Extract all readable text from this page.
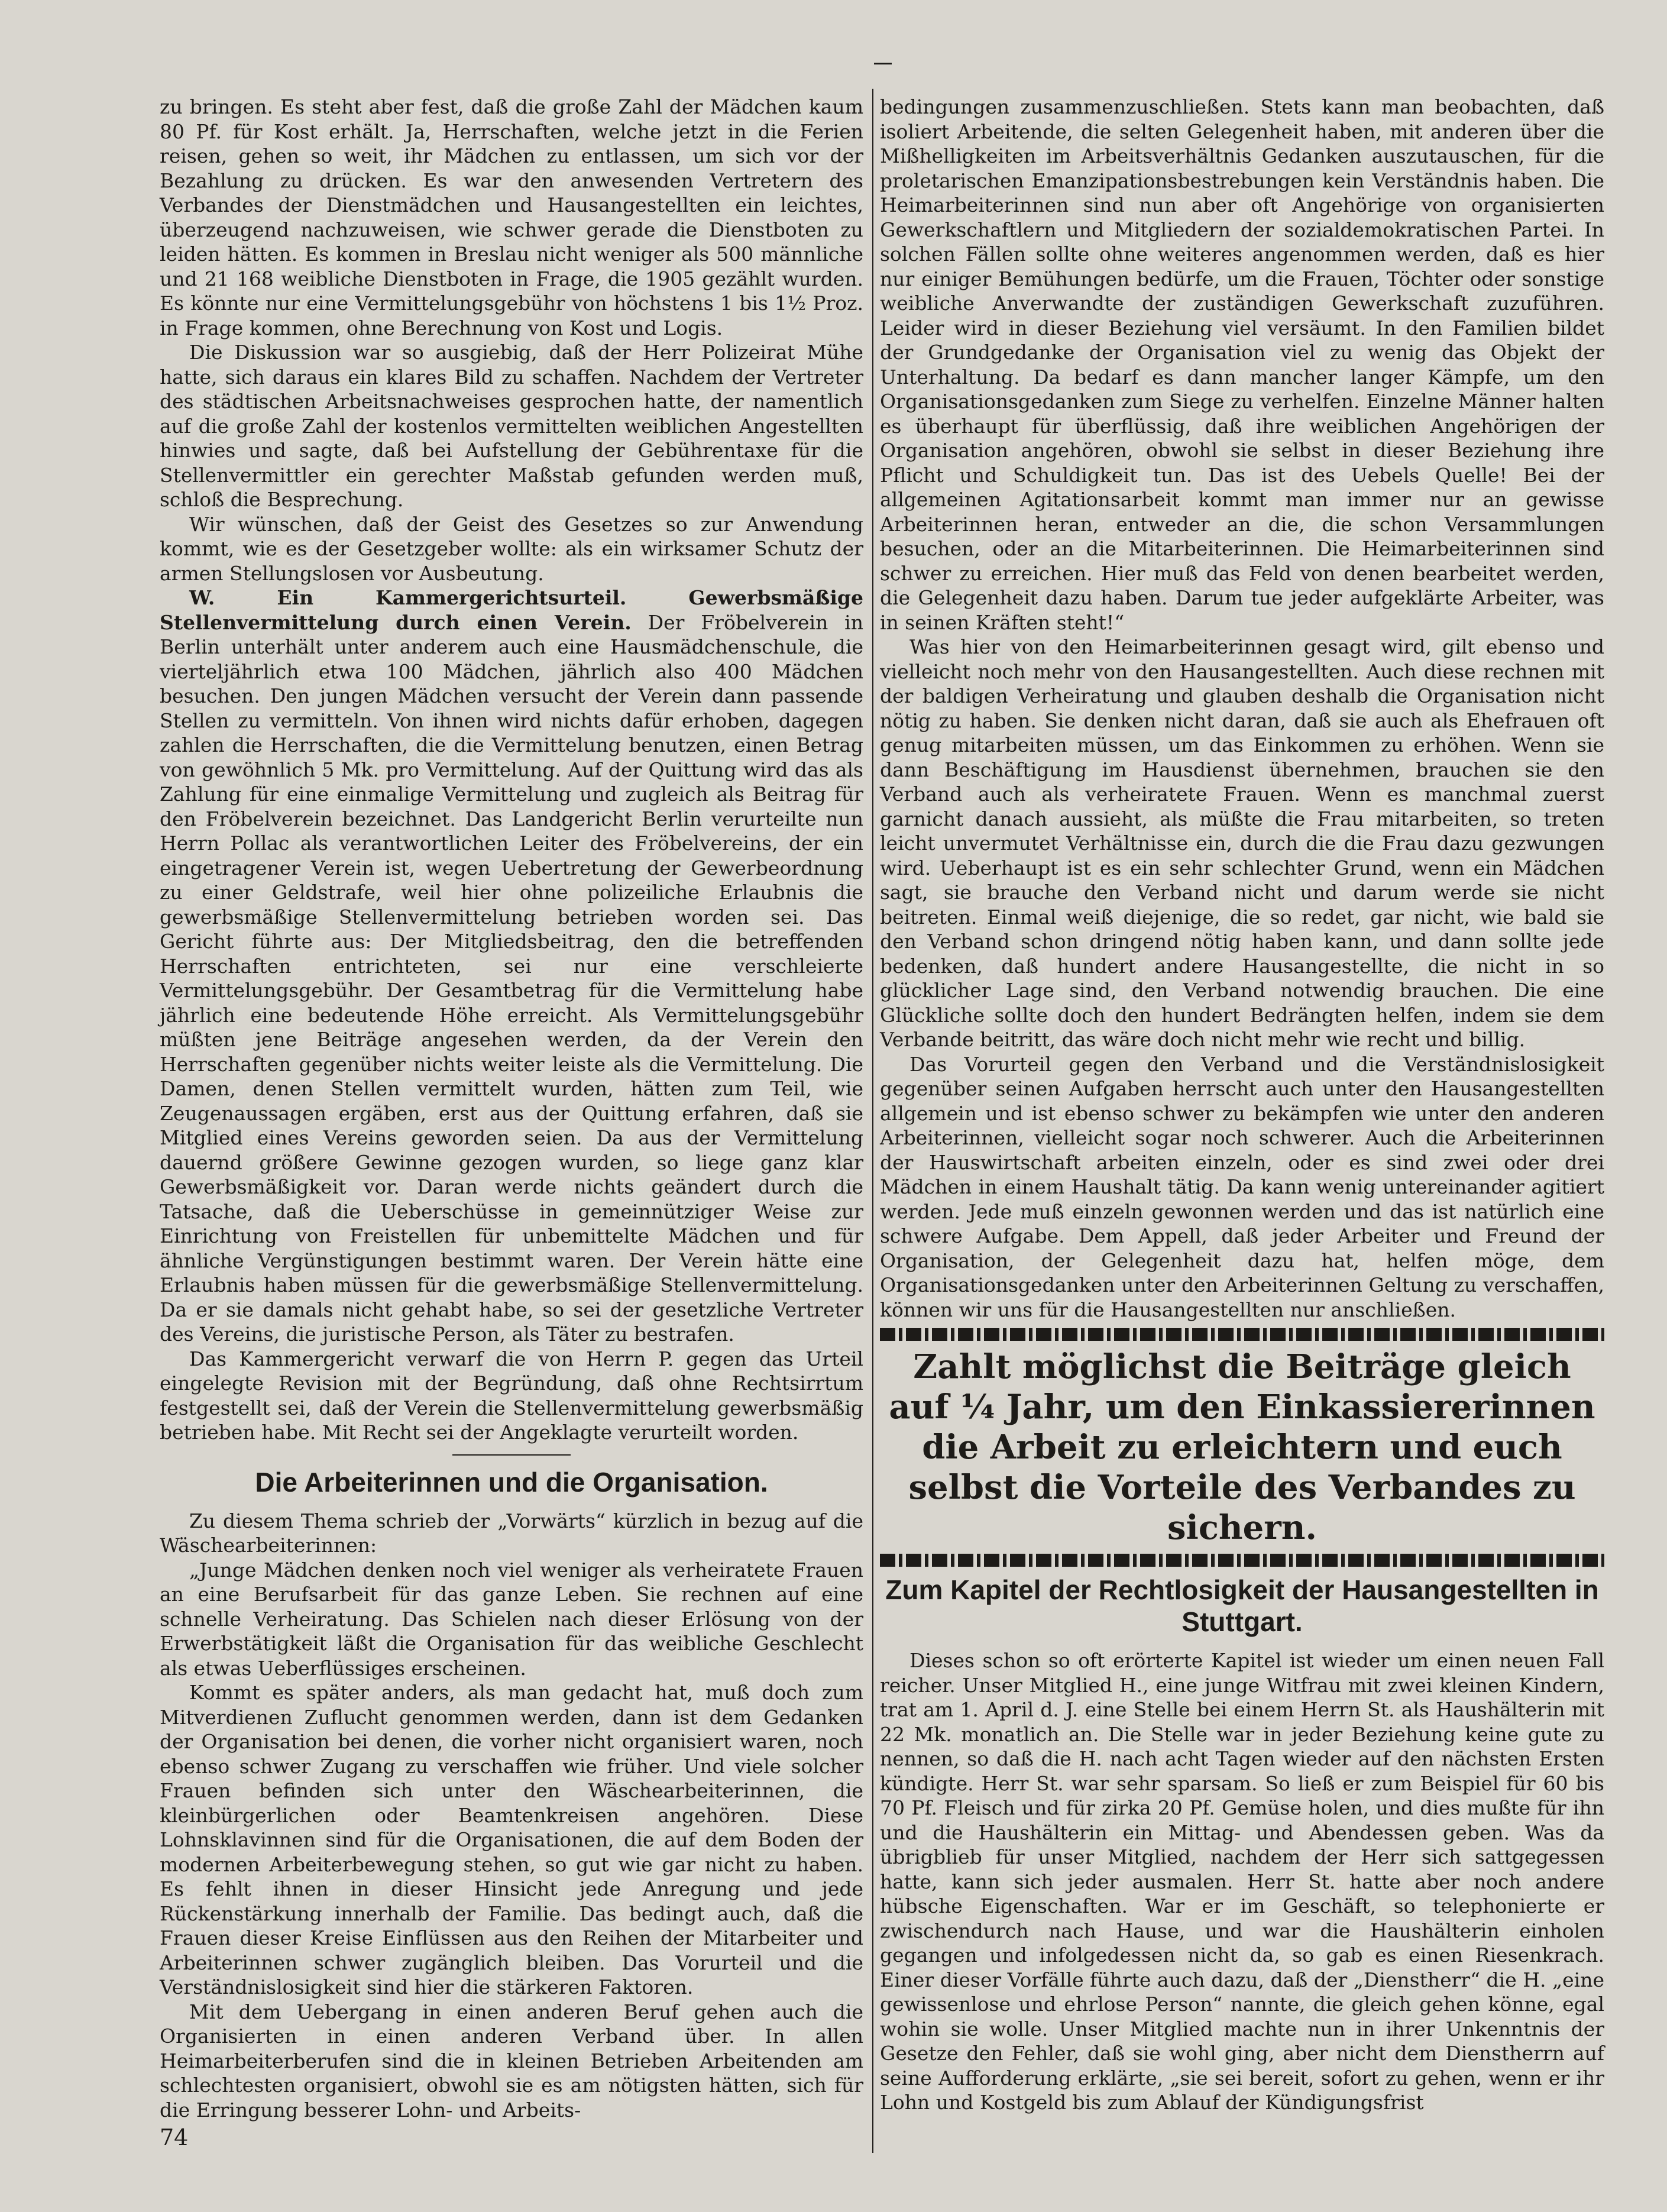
zu bringen. Es steht aber fest, daß die große Zahl der Mädchen kaum 80 Pf. für Kost erhält. Ja, Herrschaften, welche jetzt in die Ferien reisen, gehen so weit, ihr Mädchen zu entlassen, um sich vor der Bezahlung zu drücken. Es war den anwesenden Vertretern des Verbandes der Dienstmädchen und Hausangestellten ein leichtes, überzeugend nachzuweisen, wie schwer gerade die Dienstboten zu leiden hätten. Es kommen in Breslau nicht weniger als 500 männliche und 21 168 weibliche Dienstboten in Frage, die 1905 gezählt wurden. Es könnte nur eine Vermittelungsgebühr von höchstens 1 bis 1½ Proz. in Frage kommen, ohne Berechnung von Kost und Logis.

Die Diskussion war so ausgiebig, daß der Herr Polizeirat Mühe hatte, sich daraus ein klares Bild zu schaffen. Nachdem der Vertreter des städtischen Arbeitsnachweises gesprochen hatte, der namentlich auf die große Zahl der kostenlos vermittelten weiblichen Angestellten hinwies und sagte, daß bei Aufstellung der Gebührentaxe für die Stellenvermittler ein gerechter Maßstab gefunden werden muß, schloß die Besprechung.

Wir wünschen, daß der Geist des Gesetzes so zur Anwendung kommt, wie es der Gesetzgeber wollte: als ein wirksamer Schutz der armen Stellungslosen vor Ausbeutung.

W. Ein Kammergerichtsurteil. Gewerbsmäßige Stellenvermittelung durch einen Verein. Der Fröbelverein in Berlin unterhält unter anderem auch eine Hausmädchenschule, die vierteljährlich etwa 100 Mädchen, jährlich also 400 Mädchen besuchen. Den jungen Mädchen versucht der Verein dann passende Stellen zu vermitteln. Von ihnen wird nichts dafür erhoben, dagegen zahlen die Herrschaften, die die Vermittelung benutzen, einen Betrag von gewöhnlich 5 Mk. pro Vermittelung. Auf der Quittung wird das als Zahlung für eine einmalige Vermittelung und zugleich als Beitrag für den Fröbelverein bezeichnet. Das Landgericht Berlin verurteilte nun Herrn Pollac als verantwortlichen Leiter des Fröbelvereins, der ein eingetragener Verein ist, wegen Uebertretung der Gewerbeordnung zu einer Geldstrafe, weil hier ohne polizeiliche Erlaubnis die gewerbsmäßige Stellenvermittelung betrieben worden sei. Das Gericht führte aus: Der Mitgliedsbeitrag, den die betreffenden Herrschaften entrichteten, sei nur eine verschleierte Vermittelungsgebühr. Der Gesamtbetrag für die Vermittelung habe jährlich eine bedeutende Höhe erreicht. Als Vermittelungsgebühr müßten jene Beiträge angesehen werden, da der Verein den Herrschaften gegenüber nichts weiter leiste als die Vermittelung. Die Damen, denen Stellen vermittelt wurden, hätten zum Teil, wie Zeugenaussagen ergäben, erst aus der Quittung erfahren, daß sie Mitglied eines Vereins geworden seien. Da aus der Vermittelung dauernd größere Gewinne gezogen wurden, so liege ganz klar Gewerbsmäßigkeit vor. Daran werde nichts geändert durch die Tatsache, daß die Ueberschüsse in gemeinnütziger Weise zur Einrichtung von Freistellen für unbemittelte Mädchen und für ähnliche Vergünstigungen bestimmt waren. Der Verein hätte eine Erlaubnis haben müssen für die gewerbsmäßige Stellenvermittelung. Da er sie damals nicht gehabt habe, so sei der gesetzliche Vertreter des Vereins, die juristische Person, als Täter zu bestrafen.

Das Kammergericht verwarf die von Herrn P. gegen das Urteil eingelegte Revision mit der Begründung, daß ohne Rechtsirrtum festgestellt sei, daß der Verein die Stellenvermittelung gewerbsmäßig betrieben habe. Mit Recht sei der Angeklagte verurteilt worden.

Die Arbeiterinnen und die Organisation.

Zu diesem Thema schrieb der „Vorwärts“ kürzlich in bezug auf die Wäschearbeiterinnen:

„Junge Mädchen denken noch viel weniger als verheiratete Frauen an eine Berufsarbeit für das ganze Leben. Sie rechnen auf eine schnelle Verheiratung. Das Schielen nach dieser Erlösung von der Erwerbstätigkeit läßt die Organisation für das weibliche Geschlecht als etwas Ueberflüssiges erscheinen.

Kommt es später anders, als man gedacht hat, muß doch zum Mitverdienen Zuflucht genommen werden, dann ist dem Gedanken der Organisation bei denen, die vorher nicht organisiert waren, noch ebenso schwer Zugang zu verschaffen wie früher. Und viele solcher Frauen befinden sich unter den Wäschearbeiterinnen, die kleinbürgerlichen oder Beamtenkreisen angehören. Diese Lohnsklavinnen sind für die Organisationen, die auf dem Boden der modernen Arbeiterbewegung stehen, so gut wie gar nicht zu haben. Es fehlt ihnen in dieser Hinsicht jede Anregung und jede Rückenstärkung innerhalb der Familie. Das bedingt auch, daß die Frauen dieser Kreise Einflüssen aus den Reihen der Mitarbeiter und Arbeiterinnen schwer zugänglich bleiben. Das Vorurteil und die Verständnislosigkeit sind hier die stärkeren Faktoren.

Mit dem Uebergang in einen anderen Beruf gehen auch die Organisierten in einen anderen Verband über. In allen Heimarbeiterberufen sind die in kleinen Betrieben Arbeitenden am schlechtesten organisiert, obwohl sie es am nötigsten hätten, sich für die Erringung besserer Lohn- und Arbeits-

bedingungen zusammenzuschließen. Stets kann man beobachten, daß isoliert Arbeitende, die selten Gelegenheit haben, mit anderen über die Mißhelligkeiten im Arbeitsverhältnis Gedanken auszutauschen, für die proletarischen Emanzipationsbestrebungen kein Verständnis haben. Die Heimarbeiterinnen sind nun aber oft Angehörige von organisierten Gewerkschaftlern und Mitgliedern der sozialdemokratischen Partei. In solchen Fällen sollte ohne weiteres angenommen werden, daß es hier nur einiger Bemühungen bedürfe, um die Frauen, Töchter oder sonstige weibliche Anverwandte der zuständigen Gewerkschaft zuzuführen. Leider wird in dieser Beziehung viel versäumt. In den Familien bildet der Grundgedanke der Organisation viel zu wenig das Objekt der Unterhaltung. Da bedarf es dann mancher langer Kämpfe, um den Organisationsgedanken zum Siege zu verhelfen. Einzelne Männer halten es überhaupt für überflüssig, daß ihre weiblichen Angehörigen der Organisation angehören, obwohl sie selbst in dieser Beziehung ihre Pflicht und Schuldigkeit tun. Das ist des Uebels Quelle! Bei der allgemeinen Agitationsarbeit kommt man immer nur an gewisse Arbeiterinnen heran, entweder an die, die schon Versammlungen besuchen, oder an die Mitarbeiterinnen. Die Heimarbeiterinnen sind schwer zu erreichen. Hier muß das Feld von denen bearbeitet werden, die Gelegenheit dazu haben. Darum tue jeder aufgeklärte Arbeiter, was in seinen Kräften steht!“

Was hier von den Heimarbeiterinnen gesagt wird, gilt ebenso und vielleicht noch mehr von den Hausangestellten. Auch diese rechnen mit der baldigen Verheiratung und glauben deshalb die Organisation nicht nötig zu haben. Sie denken nicht daran, daß sie auch als Ehefrauen oft genug mitarbeiten müssen, um das Einkommen zu erhöhen. Wenn sie dann Beschäftigung im Hausdienst übernehmen, brauchen sie den Verband auch als verheiratete Frauen. Wenn es manchmal zuerst garnicht danach aussieht, als müßte die Frau mitarbeiten, so treten leicht unvermutet Verhältnisse ein, durch die die Frau dazu gezwungen wird. Ueberhaupt ist es ein sehr schlechter Grund, wenn ein Mädchen sagt, sie brauche den Verband nicht und darum werde sie nicht beitreten. Einmal weiß diejenige, die so redet, gar nicht, wie bald sie den Verband schon dringend nötig haben kann, und dann sollte jede bedenken, daß hundert andere Hausangestellte, die nicht in so glücklicher Lage sind, den Verband notwendig brauchen. Die eine Glückliche sollte doch den hundert Bedrängten helfen, indem sie dem Verbande beitritt, das wäre doch nicht mehr wie recht und billig.

Das Vorurteil gegen den Verband und die Verständnislosigkeit gegenüber seinen Aufgaben herrscht auch unter den Hausangestellten allgemein und ist ebenso schwer zu bekämpfen wie unter den anderen Arbeiterinnen, vielleicht sogar noch schwerer. Auch die Arbeiterinnen der Hauswirtschaft arbeiten einzeln, oder es sind zwei oder drei Mädchen in einem Haushalt tätig. Da kann wenig untereinander agitiert werden. Jede muß einzeln gewonnen werden und das ist natürlich eine schwere Aufgabe. Dem Appell, daß jeder Arbeiter und Freund der Organisation, der Gelegenheit dazu hat, helfen möge, dem Organisationsgedanken unter den Arbeiterinnen Geltung zu verschaffen, können wir uns für die Hausangestellten nur anschließen.

Zahlt möglichst die Beiträge gleich auf ¼ Jahr, um den Einkassiererinnen die Arbeit zu erleichtern und euch selbst die Vorteile des Verbandes zu sichern.
Zum Kapitel der Rechtlosigkeit der Hausangestellten in Stuttgart.

Dieses schon so oft erörterte Kapitel ist wieder um einen neuen Fall reicher. Unser Mitglied H., eine junge Witfrau mit zwei kleinen Kindern, trat am 1. April d. J. eine Stelle bei einem Herrn St. als Haushälterin mit 22 Mk. monatlich an. Die Stelle war in jeder Beziehung keine gute zu nennen, so daß die H. nach acht Tagen wieder auf den nächsten Ersten kündigte. Herr St. war sehr sparsam. So ließ er zum Beispiel für 60 bis 70 Pf. Fleisch und für zirka 20 Pf. Gemüse holen, und dies mußte für ihn und die Haushälterin ein Mittag- und Abendessen geben. Was da übrigblieb für unser Mitglied, nachdem der Herr sich sattgegessen hatte, kann sich jeder ausmalen. Herr St. hatte aber noch andere hübsche Eigenschaften. War er im Geschäft, so telephonierte er zwischendurch nach Hause, und war die Haushälterin einholen gegangen und infolgedessen nicht da, so gab es einen Riesenkrach. Einer dieser Vorfälle führte auch dazu, daß der „Dienstherr“ die H. „eine gewissenlose und ehrlose Person“ nannte, die gleich gehen könne, egal wohin sie wolle. Unser Mitglied machte nun in ihrer Unkenntnis der Gesetze den Fehler, daß sie wohl ging, aber nicht dem Dienstherrn auf seine Aufforderung erklärte, „sie sei bereit, sofort zu gehen, wenn er ihr Lohn und Kostgeld bis zum Ablauf der Kündigungsfrist

74
